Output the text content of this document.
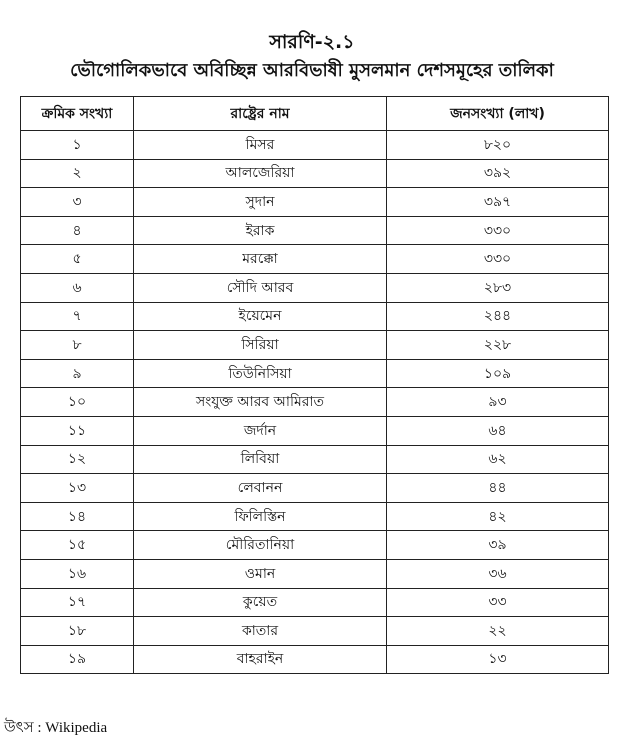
সারণি-২.১
ভৌগোলিকভাবে অবিচ্ছিন্ন আরবিভাষী মুসলমান দেশসমূহের তালিকা
ক্রমিক সংখ্যা	রাষ্ট্রের নাম	জনসংখ্যা (লাখ)
১	মিসর	৮২০
২	আলজেরিয়া	৩৯২
৩	সুদান	৩৯৭
৪	ইরাক	৩৩০
৫	মরক্কো	৩৩০
৬	সৌদি আরব	২৮৩
৭	ইয়েমেন	২৪৪
৮	সিরিয়া	২২৮
৯	তিউনিসিয়া	১০৯
১০	সংযুক্ত আরব আমিরাত	৯৩
১১	জর্দান	৬৪
১২	লিবিয়া	৬২
১৩	লেবানন	৪৪
১৪	ফিলিস্তিন	৪২
১৫	মৌরিতানিয়া	৩৯
১৬	ওমান	৩৬
১৭	কুয়েত	৩৩
১৮	কাতার	২২
১৯	বাহরাইন	১৩
উৎস : Wikipedia
